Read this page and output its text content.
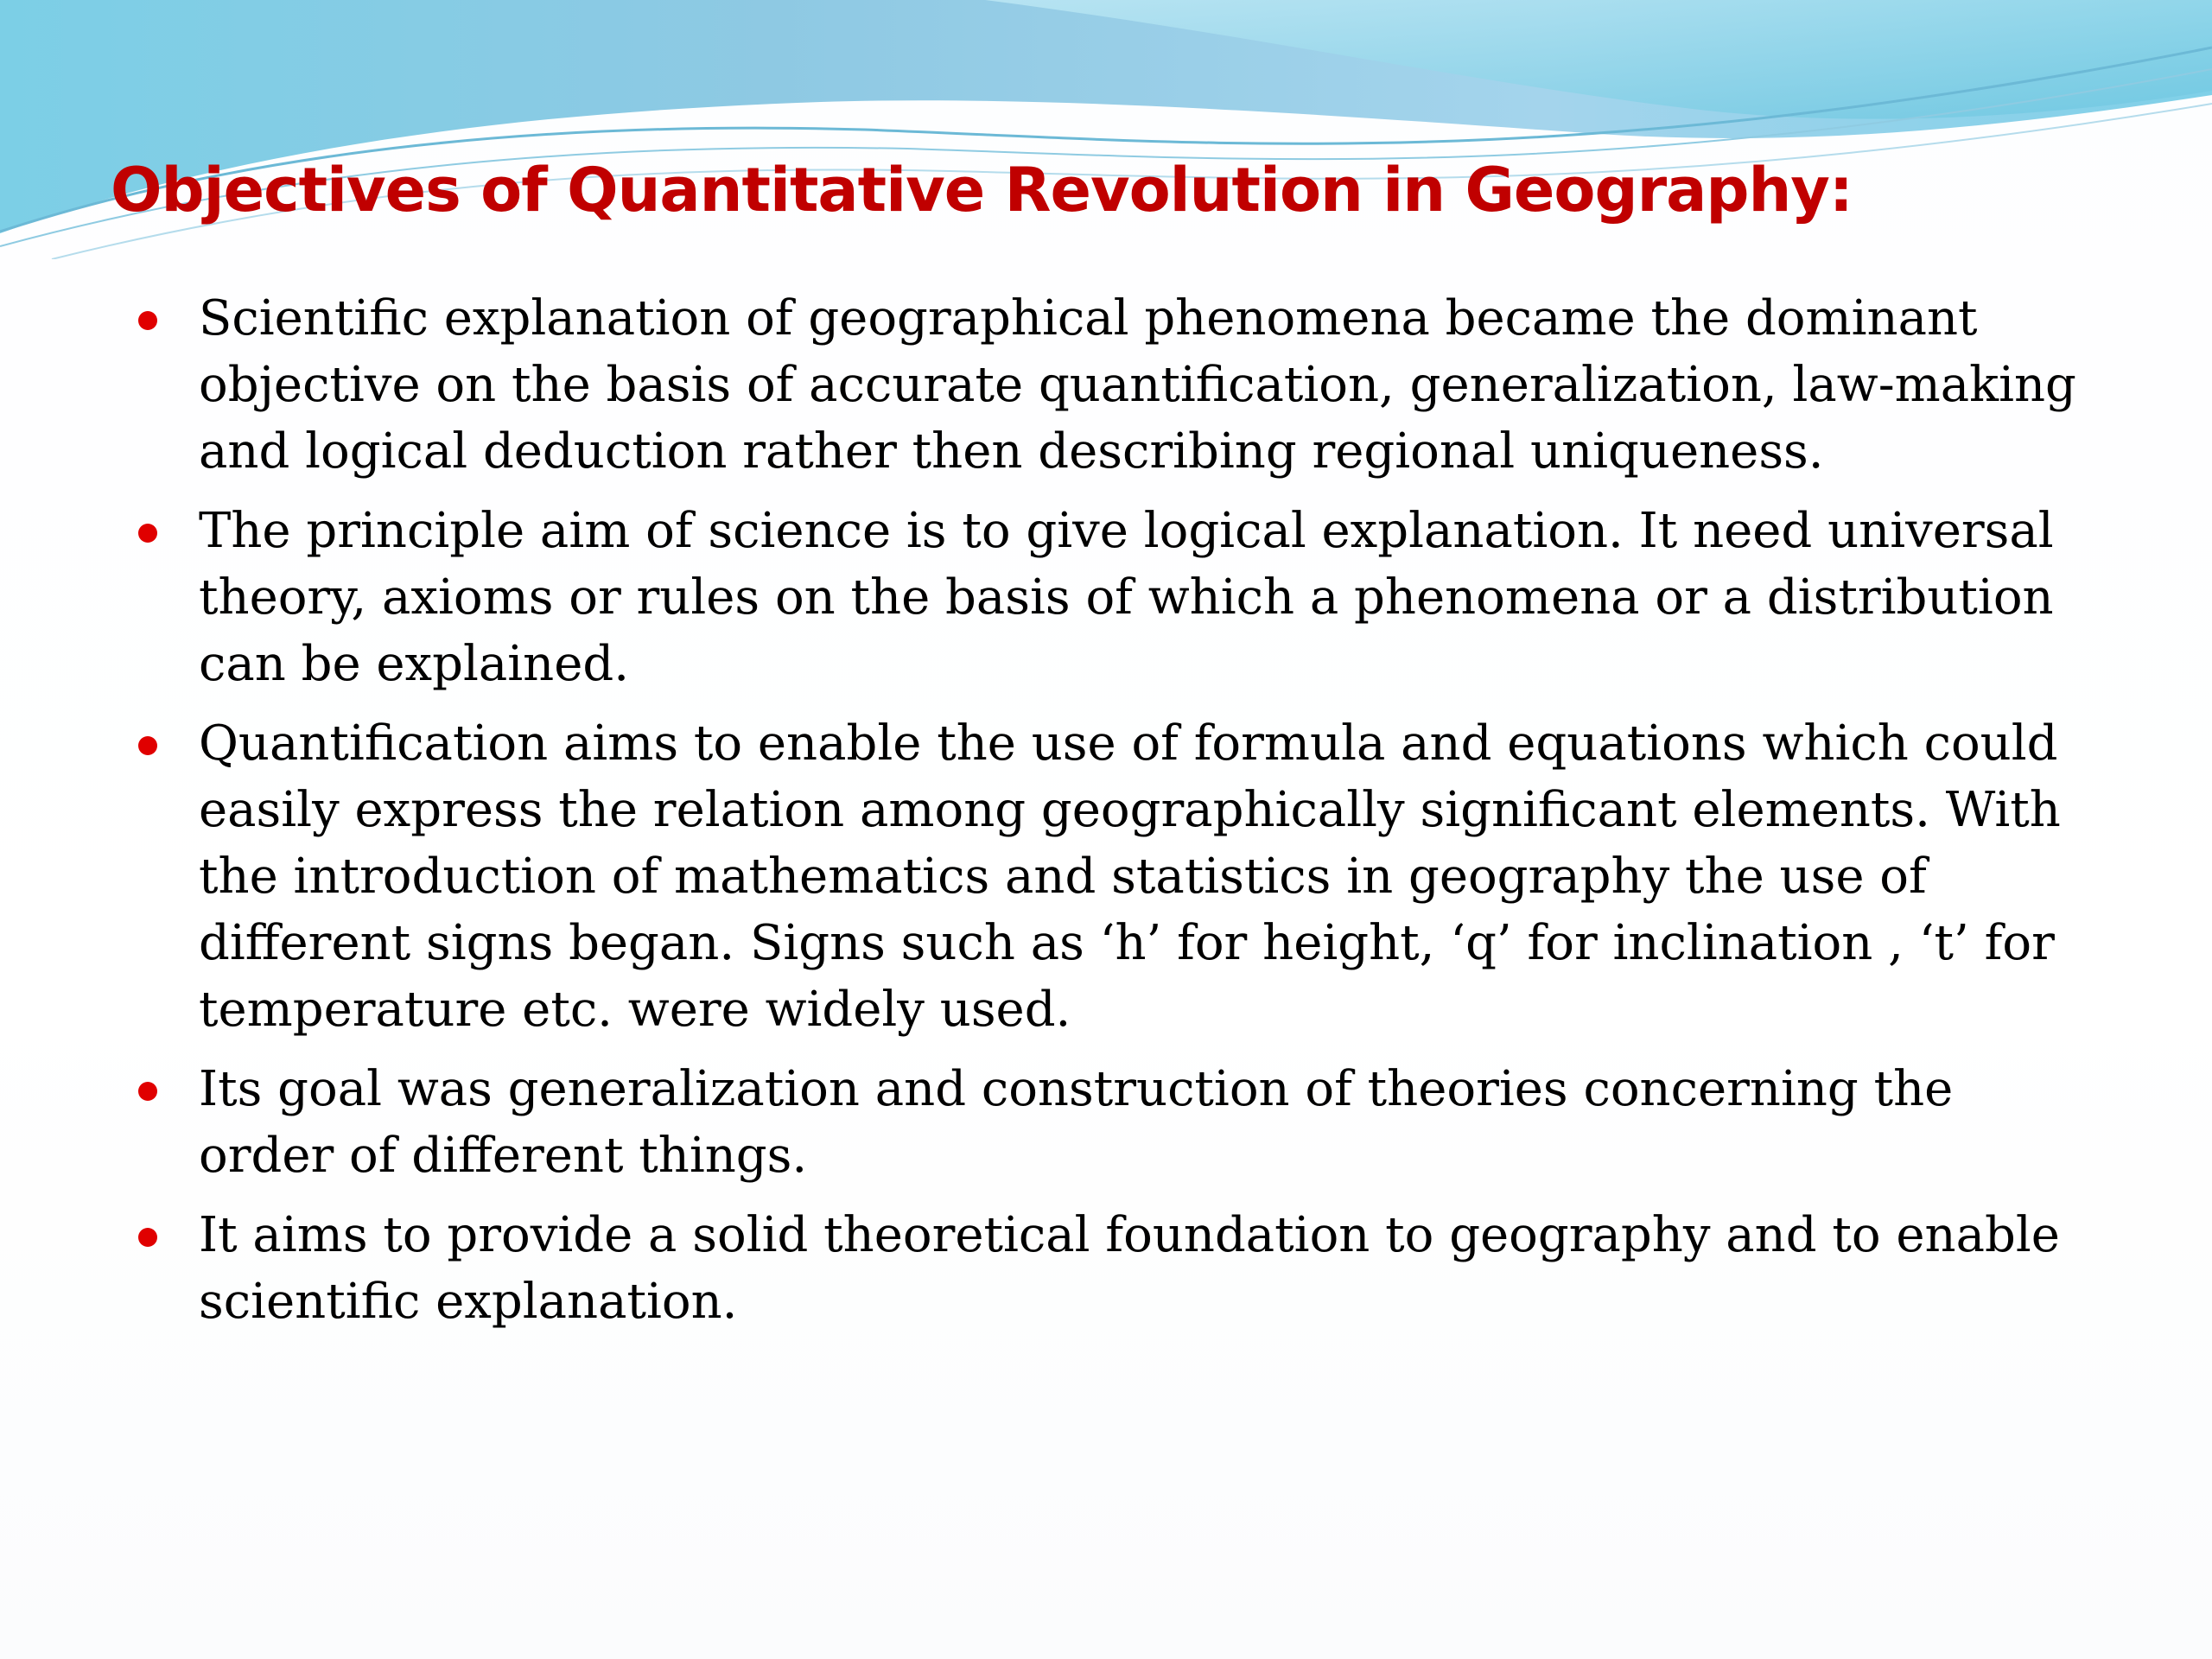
Objectives of Quantitative Revolution in Geography:
Scientific explanation of geographical phenomena became the dominant objective on the basis of accurate quantification, generalization, law-making and logical deduction rather then describing regional uniqueness.
The principle aim of science is to give logical explanation. It need universal theory, axioms or rules on the basis of which a phenomena or a distribution can be explained.
Quantification aims to enable the use of formula and equations which could easily express the relation among geographically significant elements. With the introduction of mathematics and statistics in geography the use of different signs began. Signs such as ‘h’ for height, ‘q’ for inclination , ‘t’ for temperature etc. were widely used.
Its goal was generalization and construction of theories concerning the order of different things.
It aims to provide a solid theoretical foundation to geography and to enable scientific explanation.
